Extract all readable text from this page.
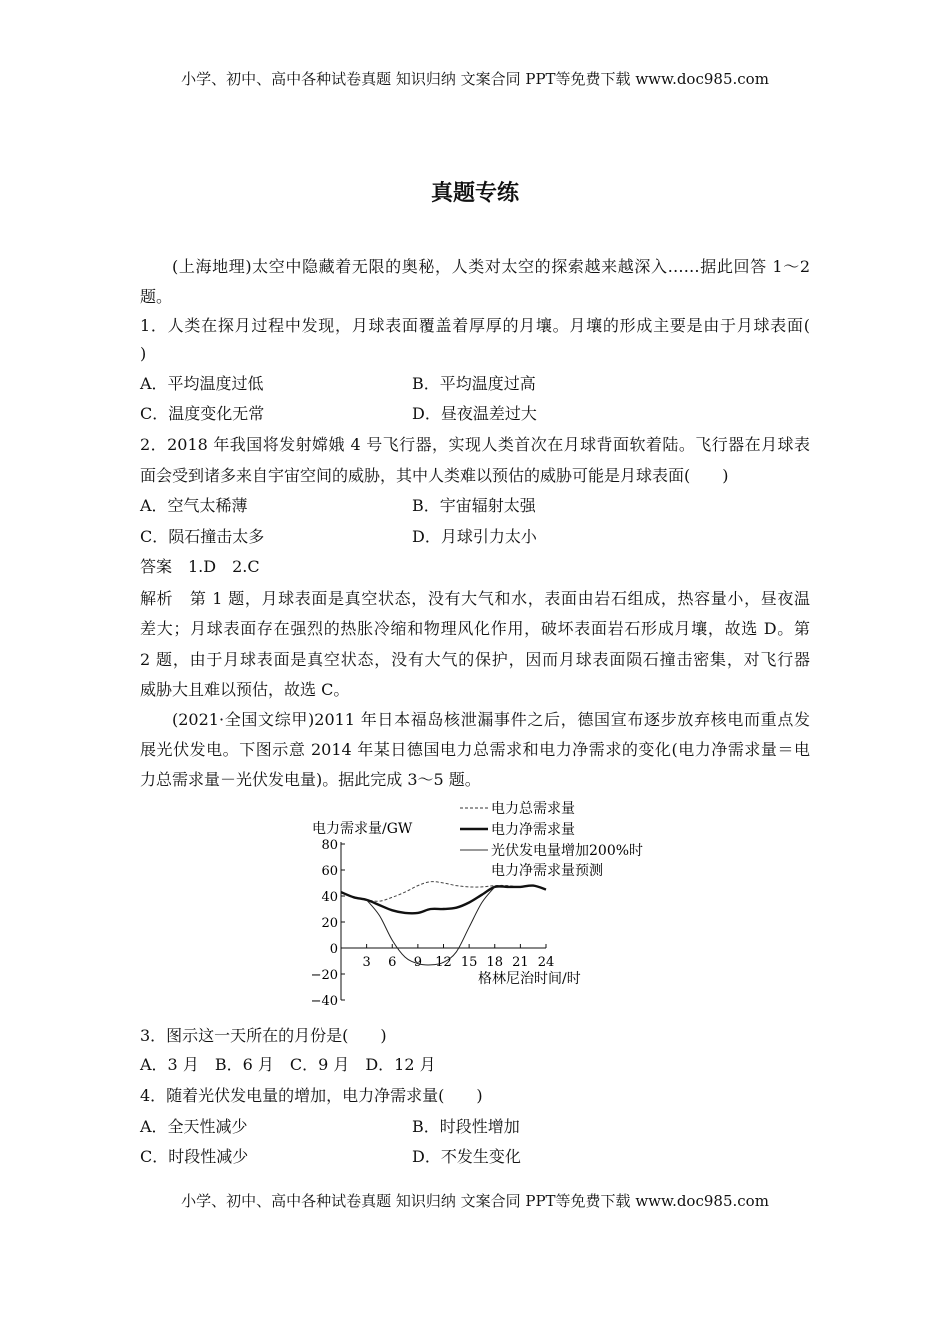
小学、初中、高中各种试卷真题 知识归纳 文案合同 PPT等免费下载 www.doc985.com
真题专练
(上海地理)太空中隐藏着无限的奥秘，人类对太空的探索越来越深入……据此回答 1～2
题。
1．人类在探月过程中发现，月球表面覆盖着厚厚的月壤。月壤的形成主要是由于月球表面(
)
A．平均温度过低	B．平均温度过高
C．温度变化无常	D．昼夜温差过大
2．2018 年我国将发射嫦娥 4 号飞行器，实现人类首次在月球背面软着陆。飞行器在月球表
面会受到诸多来自宇宙空间的威胁，其中人类难以预估的威胁可能是月球表面(　　)
A．空气太稀薄	B．宇宙辐射太强
C．陨石撞击太多	D．月球引力太小
答案　1.D　2.C
解析　第 1 题，月球表面是真空状态，没有大气和水，表面由岩石组成，热容量小，昼夜温
差大；月球表面存在强烈的热胀冷缩和物理风化作用，破坏表面岩石形成月壤，故选 D。第
2 题，由于月球表面是真空状态，没有大气的保护，因而月球表面陨石撞击密集，对飞行器
威胁大且难以预估，故选 C。
(2021·全国文综甲)2011 年日本福岛核泄漏事件之后，德国宣布逐步放弃核电而重点发
展光伏发电。下图示意 2014 年某日德国电力总需求和电力净需求的变化(电力净需求量＝电
力总需求量－光伏发电量)。据此完成 3～5 题。
80
60
40
20
0
−20
−40
3 6 9 12 15 18 21 24
电力需求量/GW
格林尼治时间/时
电力总需求量
电力净需求量
光伏发电量增加200%时
电力净需求量预测
3．图示这一天所在的月份是(　　)
A．3 月　B．6 月　C．9 月　D．12 月
4．随着光伏发电量的增加，电力净需求量(　　)
A．全天性减少	B．时段性增加
C．时段性减少	D．不发生变化
小学、初中、高中各种试卷真题 知识归纳 文案合同 PPT等免费下载 www.doc985.com
